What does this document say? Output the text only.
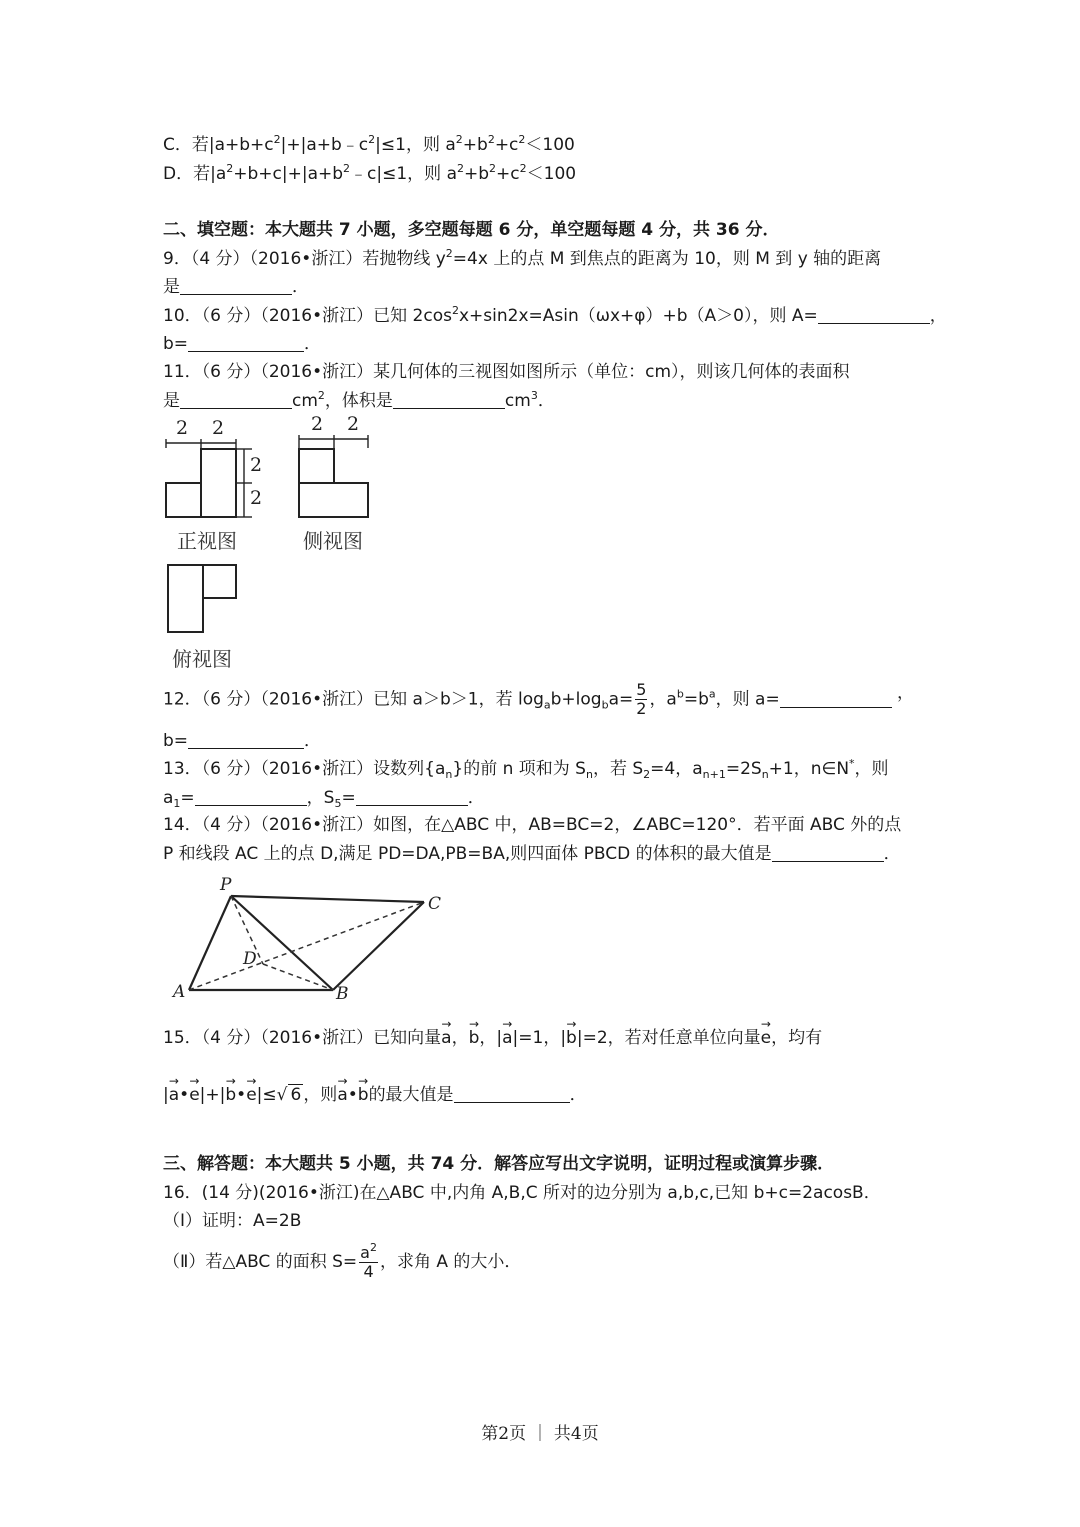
C．若$|a+b+c^2|+|a+b﹣c^2|\le 1$，则 $a^2+b^2+c^2<100$
D．若$|a^2+b+c|+|a+b^2﹣c|\le 1$，则 $a^2+b^2+c^2<100$
二、填空题：本大题共 7 小题，多空题每题 6 分，单空题每题 4 分，共 36 分．
9．（4 分）（2016•浙江）若抛物线 $y^2=4x$ 上的点 M 到焦点的距离为 10，则 M 到 y 轴的距离
是	．
10．（6 分）（2016•浙江）已知 $2\cos^2x+\sin 2x=Asin(\omega x+\varphi)+b(A>0)$，则 A=	，
b=	．
11．（6 分）（2016•浙江）某几何体的三视图如图所示（单位：cm），则该几何体的表面积
是	$cm^2$，体积是	$cm^3$．
2 2
2
2
2 2
正视图	侧视图
俯视图
12．（6 分）（2016•浙江）已知 a＞b＞1，若 $\log_ab+\log_ba= \frac{5}{2}$ ，$a^b=b^a$，则 a=	，
b=	．
13．（6 分）（2016•浙江）设数列$\{a_n\}$的前 n 项和为 $S_n$，若 $S_2=4$，$a_{n+1}=2S_n+1$，n∈N*，则
$a_1=$	，$S_5=$	．
14．（4 分）（2016•浙江）如图，在△ABC 中，AB=BC=2，∠ABC=120°．若平面 ABC 外的点
P 和线段 AC 上的点 D,满足 PD=DA,PB=BA,则四面体 PBCD 的体积的最大值是	．
P
A	B
C
D
15．（4 分）（2016•浙江）已知向量→ a，→ b，|→ a|=1，|→ b|=2，若对任意单位向量→ e，均有
|→ a•→ e|+|→ b•→ e|≤√ 6 ，则→ a•→ b的最大值是	．
三、解答题：本大题共 5 小题，共 74 分．解答应写出文字说明，证明过程或演算步骤．
16．(14 分)(2016•浙江)在△ABC 中,内角 A,B,C 所对的边分别为 a,b,c,已知 b+c=2acosB．
（Ⅰ）证明：A=2B
（Ⅱ）若△ABC 的面积 $S= \frac{a^2}{4}$ ，求角 A 的大小．
第2页 ｜ 共4页
